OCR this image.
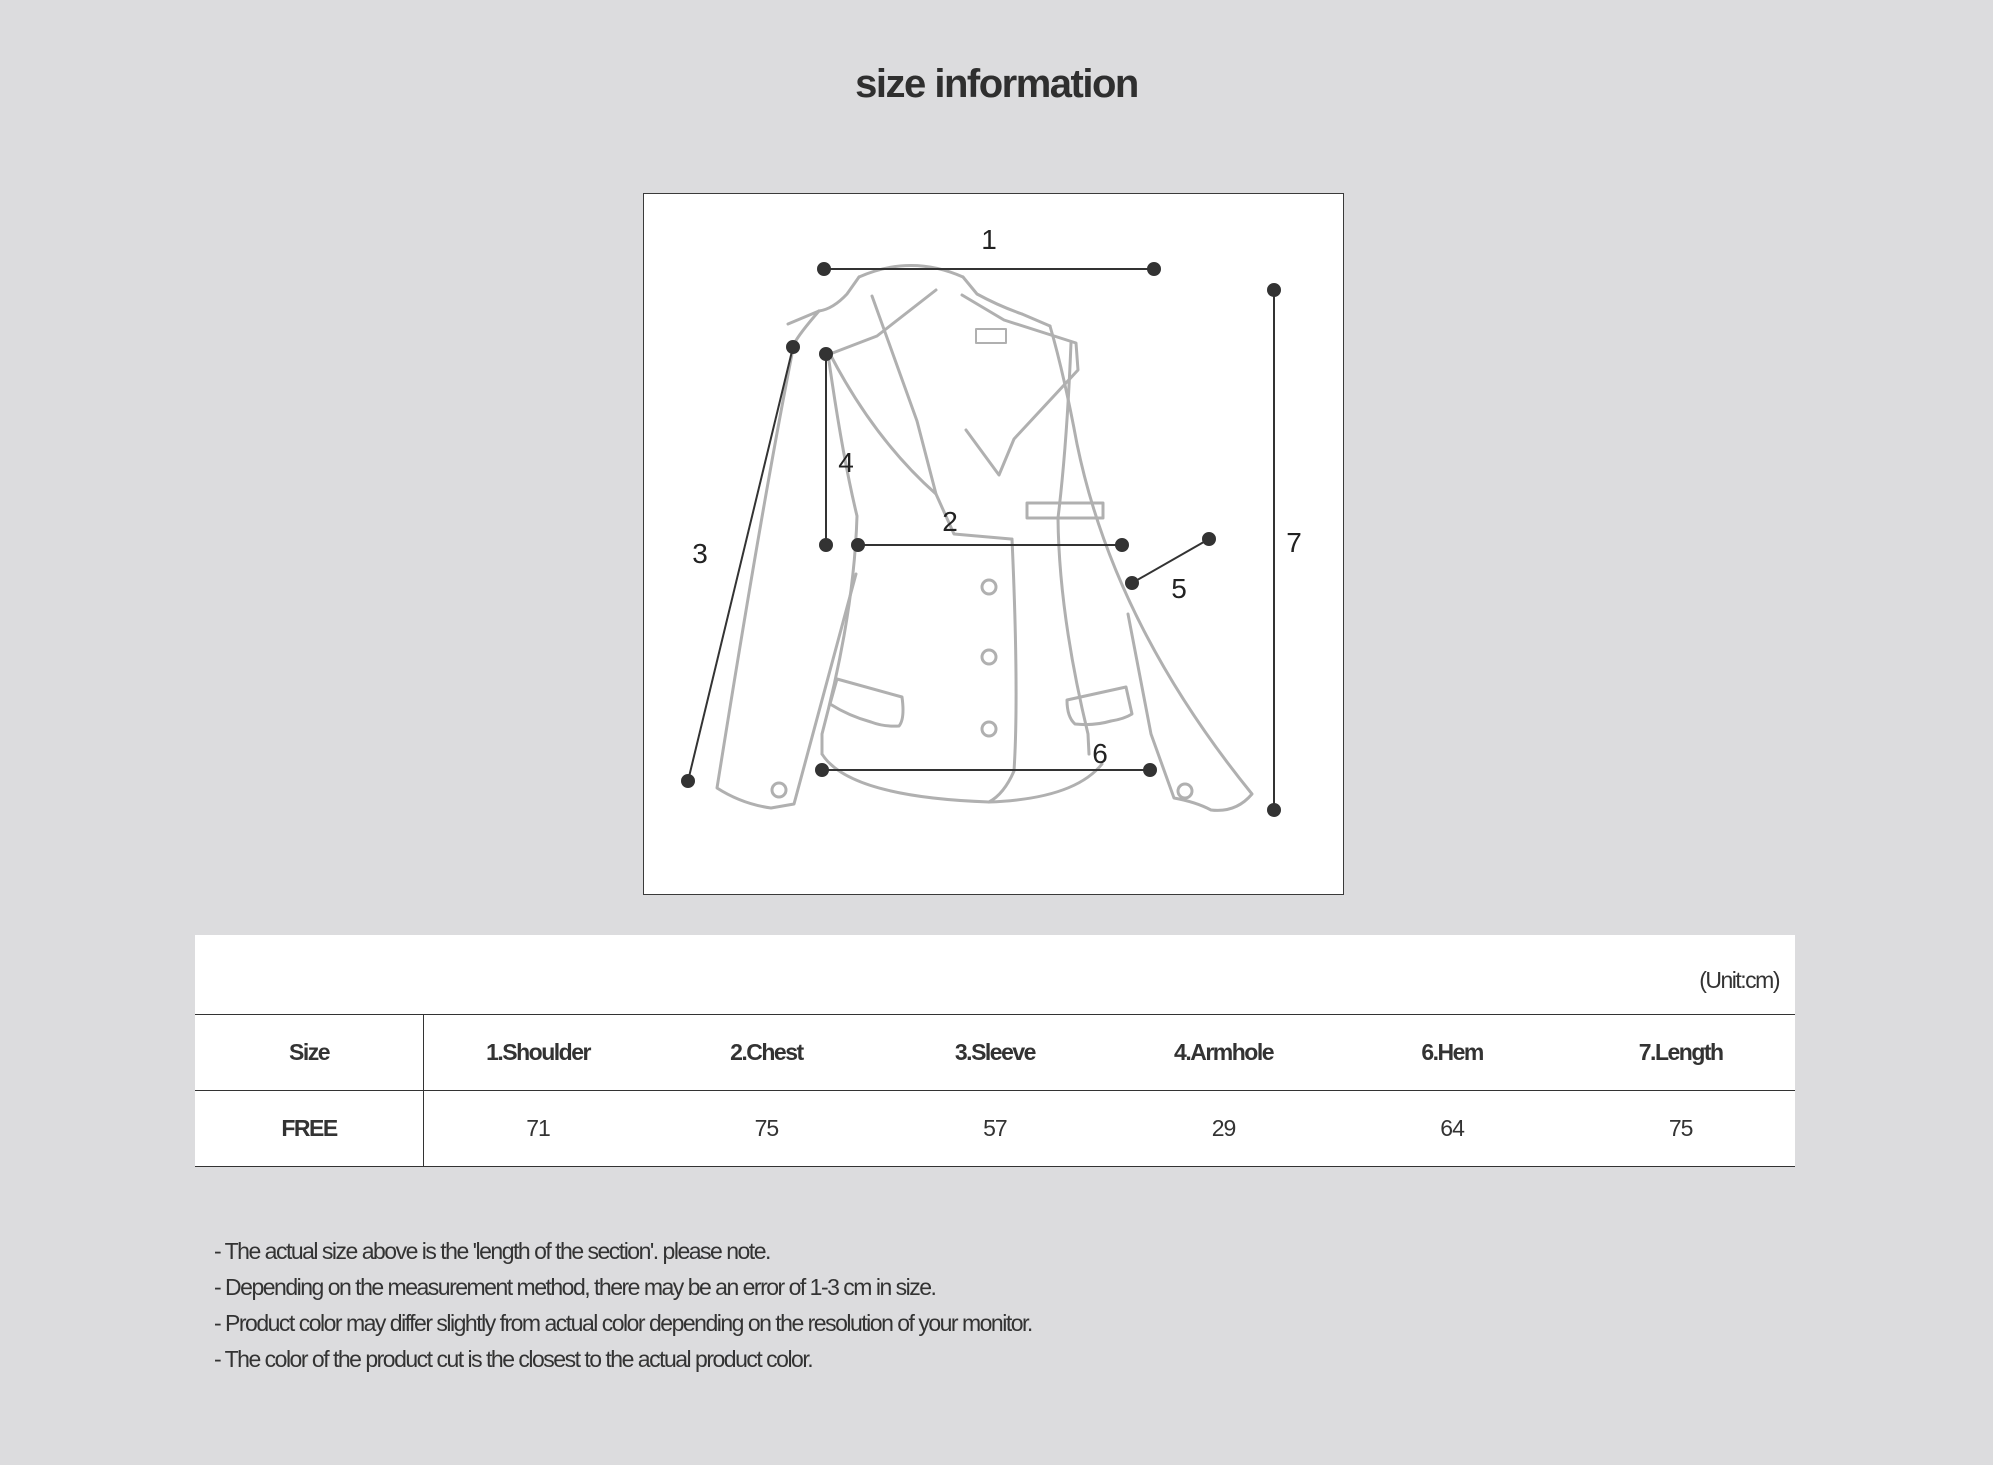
size information
1
2
3
4
5
6
7
(Unit:cm)
Size	1.Shoulder	2.Chest	3.Sleeve	4.Armhole	6.Hem	7.Length
FREE	71	75	57	29	64	75
- The actual size above is the 'length of the section'. please note.
- Depending on the measurement method, there may be an error of 1-3 cm in size.
- Product color may differ slightly from actual color depending on the resolution of your monitor.
- The color of the product cut is the closest to the actual product color.
